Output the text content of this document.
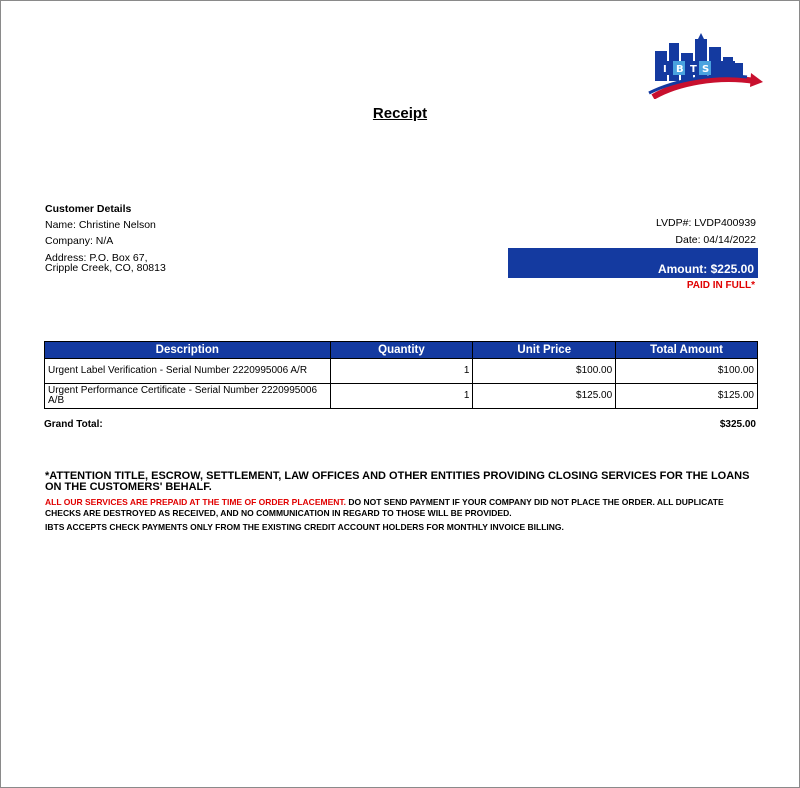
I B T S
Receipt
Customer Details
Name: Christine Nelson
Company: N/A
Address: P.O. Box 67,
Cripple Creek, CO, 80813
LVDP#: LVDP400939
Date: 04/14/2022
Amount: $225.00
PAID IN FULL*
Description	Quantity	Unit Price	Total Amount
Urgent Label Verification - Serial Number 2220995006 A/R	1	$100.00	$100.00
Urgent Performance Certificate - Serial Number 2220995006 A/B	1	$125.00	$125.00
Grand Total:	$325.00
*ATTENTION TITLE, ESCROW, SETTLEMENT, LAW OFFICES AND OTHER ENTITIES PROVIDING CLOSING SERVICES FOR THE LOANS ON THE CUSTOMERS' BEHALF.
ALL OUR SERVICES ARE PREPAID AT THE TIME OF ORDER PLACEMENT. DO NOT SEND PAYMENT IF YOUR COMPANY DID NOT PLACE THE ORDER. ALL DUPLICATE CHECKS ARE DESTROYED AS RECEIVED, AND NO COMMUNICATION IN REGARD TO THOSE WILL BE PROVIDED.
IBTS ACCEPTS CHECK PAYMENTS ONLY FROM THE EXISTING CREDIT ACCOUNT HOLDERS FOR MONTHLY INVOICE BILLING.
